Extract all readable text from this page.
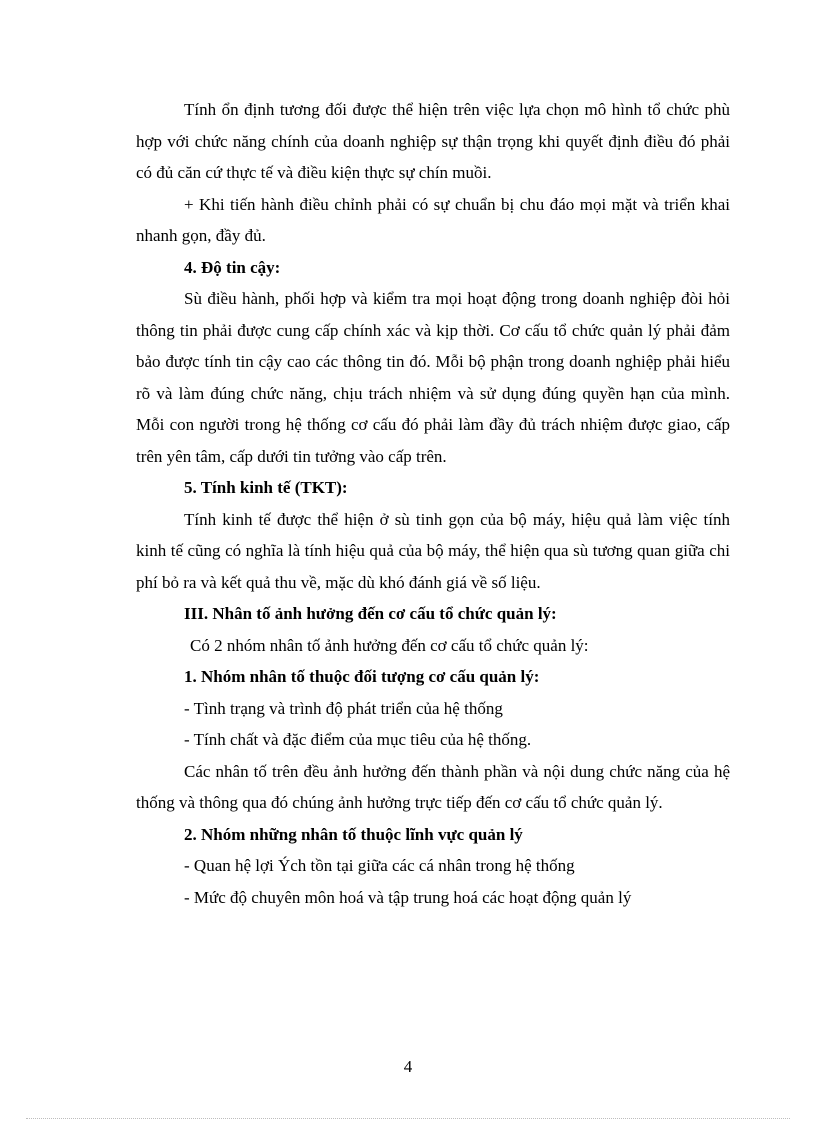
Tính ổn định tương đối được thể hiện trên việc lựa chọn mô hình tổ chức phù hợp với chức năng chính của doanh nghiệp sự thận trọng khi quyết định điều đó phải có đủ căn cứ thực tế và điều kiện thực sự chín muồi.

+ Khi tiến hành điều chỉnh phải có sự chuẩn bị chu đáo mọi mặt và triển khai nhanh gọn, đầy đủ.

4. Độ tin cậy:

Sù điều hành, phối hợp và kiểm tra mọi hoạt động trong doanh nghiệp đòi hỏi thông tin phải được cung cấp chính xác và kịp thời. Cơ cấu tổ chức quản lý phải đảm bảo được tính tin cậy cao các thông tin đó. Mỗi bộ phận trong doanh nghiệp phải hiểu rõ và làm đúng chức năng, chịu trách nhiệm và sử dụng đúng quyền hạn của mình. Mỗi con người trong hệ thống cơ cấu đó phải làm đầy đủ trách nhiệm được giao, cấp trên yên tâm, cấp dưới tin tưởng vào cấp trên.

5. Tính kinh tế (TKT):

Tính kinh tế được thể hiện ở sù tinh gọn của bộ máy, hiệu quả làm việc tính kinh tế cũng có nghĩa là tính hiệu quả của bộ máy, thể hiện qua sù tương quan giữa chi phí bỏ ra và kết quả thu về, mặc dù khó đánh giá về số liệu.

III. Nhân tố ảnh hưởng đến cơ cấu tổ chức quản lý:

Có 2 nhóm nhân tố ảnh hưởng đến cơ cấu tổ chức quản lý:

1. Nhóm nhân tố thuộc đối tượng cơ cấu quản lý:

- Tình trạng và trình độ phát triển của hệ thống

- Tính chất và đặc điểm của mục tiêu của hệ thống.

Các nhân tố trên đều ảnh hưởng đến thành phần và nội dung chức năng của hệ thống và thông qua đó chúng ảnh hưởng trực tiếp đến cơ cấu tổ chức quản lý.

2. Nhóm những nhân tố thuộc lĩnh vực quản lý

- Quan hệ lợi Ých tồn tại giữa các cá nhân trong hệ thống

- Mức độ chuyên môn hoá và tập trung hoá các hoạt động quản lý

4
